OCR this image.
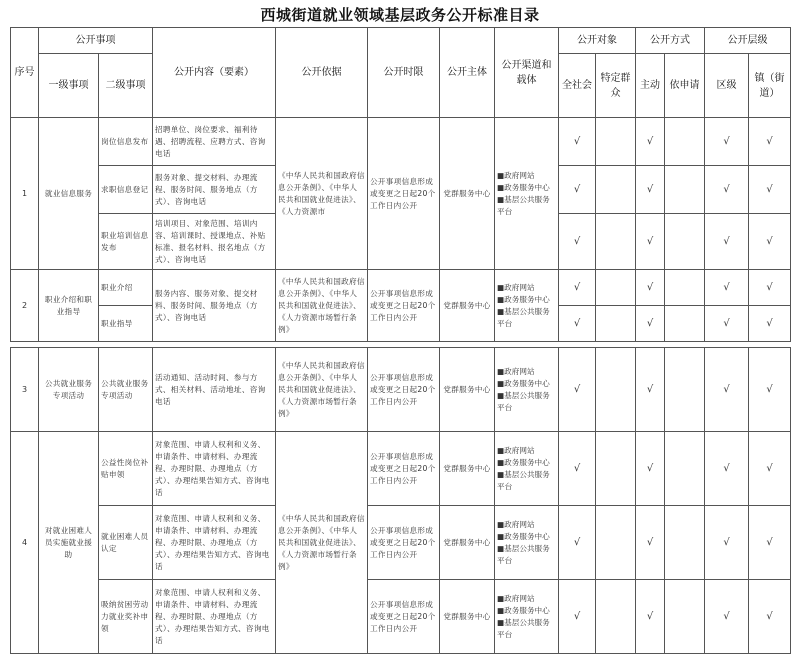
西城街道就业领域基层政务公开标准目录
序号	公开事项		公开内容（要素）	公开依据	公开时限	公开主体	公开渠道和载体	公开对象		公开方式		公开层级	
	一级事项	二级事项						全社会	特定群众	主动	依申请	区级	镇（街道）
1	就业信息服务	岗位信息发布	招聘单位、岗位要求、福利待遇、招聘流程、应聘方式、咨询电话	《中华人民共和国政府信息公开条例》、《中华人民共和国就业促进法》、《人力资源市	公开事项信息形成或变更之日起20个工作日内公开	党群服务中心	■政府网站
■政务服务中心
■基层公共服务平台	√		√		√	√
		求职信息登记	服务对象、提交材料、办理流程、服务时间、服务地点（方式）、咨询电话					√		√		√	√
		职业培训信息发布	培训项目、对象范围、培训内容、培训课时、授课地点、补贴标准、报名材料、报名地点（方式）、咨询电话					√		√		√	√
2	职业介绍和职业指导	职业介绍	服务内容、服务对象、提交材料、服务时间、服务地点（方式）、咨询电话	《中华人民共和国政府信息公开条例》、《中华人民共和国就业促进法》、《人力资源市场暂行条例》	公开事项信息形成或变更之日起20个工作日内公开	党群服务中心	■政府网站
■政务服务中心
■基层公共服务平台	√		√		√	√
		职业指导						√		√		√	√
3	公共就业服务专项活动	公共就业服务专项活动	活动通知、活动时间、参与方式、相关材料、活动地址、咨询电话	《中华人民共和国政府信息公开条例》、《中华人民共和国就业促进法》、《人力资源市场暂行条例》	公开事项信息形成或变更之日起20个工作日内公开	党群服务中心	■政府网站
■政务服务中心
■基层公共服务平台	√		√		√	√
4	对就业困难人员实施就业援助	公益性岗位补贴申领	对象范围、申请人权利和义务、申请条件、申请材料、办理流程、办理时限、办理地点（方式）、办理结果告知方式、咨询电话	《中华人民共和国政府信息公开条例》、《中华人民共和国就业促进法》、《人力资源市场暂行条例》	公开事项信息形成或变更之日起20个工作日内公开	党群服务中心	■政府网站
■政务服务中心
■基层公共服务平台	√		√		√	√
		就业困难人员认定	对象范围、申请人权利和义务、申请条件、申请材料、办理流程、办理时限、办理地点（方式）、办理结果告知方式、咨询电话		公开事项信息形成或变更之日起20个工作日内公开	党群服务中心	■政府网站
■政务服务中心
■基层公共服务平台	√		√		√	√
		吸纳贫困劳动力就业奖补申领	对象范围、申请人权利和义务、申请条件、申请材料、办理流程、办理时限、办理地点（方式）、办理结果告知方式、咨询电话		公开事项信息形成或变更之日起20个工作日内公开	党群服务中心	■政府网站
■政务服务中心
■基层公共服务平台	√		√		√	√
